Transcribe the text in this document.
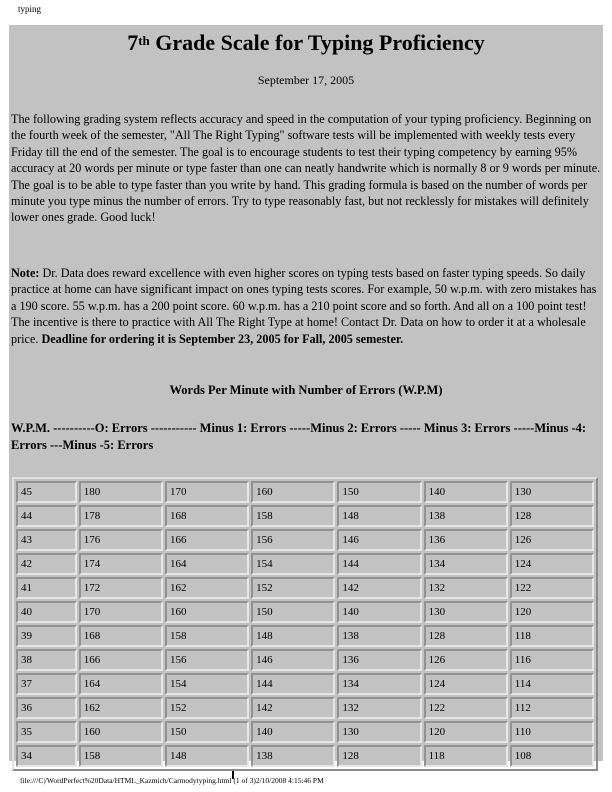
typing
7th Grade Scale for Typing Proficiency
September 17, 2005

The following grading system reflects accuracy and speed in the computation of your typing proficiency. Beginning on the fourth week of the semester, "All The Right Typing" software tests will be implemented with weekly tests every Friday till the end of the semester. The goal is to encourage students to test their typing competency by earning 95% accuracy at 20 words per minute or type faster than one can neatly handwrite which is normally 8 or 9 words per minute. The goal is to be able to type faster than you write by hand. This grading formula is based on the number of words per minute you type minus the number of errors. Try to type reasonably fast, but not recklessly for mistakes will definitely lower ones grade. Good luck!

Note: Dr. Data does reward excellence with even higher scores on typing tests based on faster typing speeds. So daily practice at home can have significant impact on ones typing tests scores. For example, 50 w.p.m. with zero mistakes has a 190 score. 55 w.p.m. has a 200 point score. 60 w.p.m. has a 210 point score and so forth. And all on a 100 point test! The incentive is there to practice with All The Right Type at home! Contact Dr. Data on how to order it at a wholesale price. Deadline for ordering it is September 23, 2005 for Fall, 2005 semester.

Words Per Minute with Number of Errors (W.P.M)

W.P.M. ----------O: Errors ----------- Minus 1: Errors -----Minus 2: Errors ----- Minus 3: Errors -----Minus -4: Errors ---Minus -5: Errors

45	180	170	160	150	140	130
44	178	168	158	148	138	128
43	176	166	156	146	136	126
42	174	164	154	144	134	124
41	172	162	152	142	132	122
40	170	160	150	140	130	120
39	168	158	148	138	128	118
38	166	156	146	136	126	116
37	164	154	144	134	124	114
36	162	152	142	132	122	112
35	160	150	140	130	120	110
34	158	148	138	128	118	108
file:///C|/WordPerfect%20Data/HTML_Kazmich/Carmodytyping.html (1 of 3)2/10/2008 4:15:46 PM
